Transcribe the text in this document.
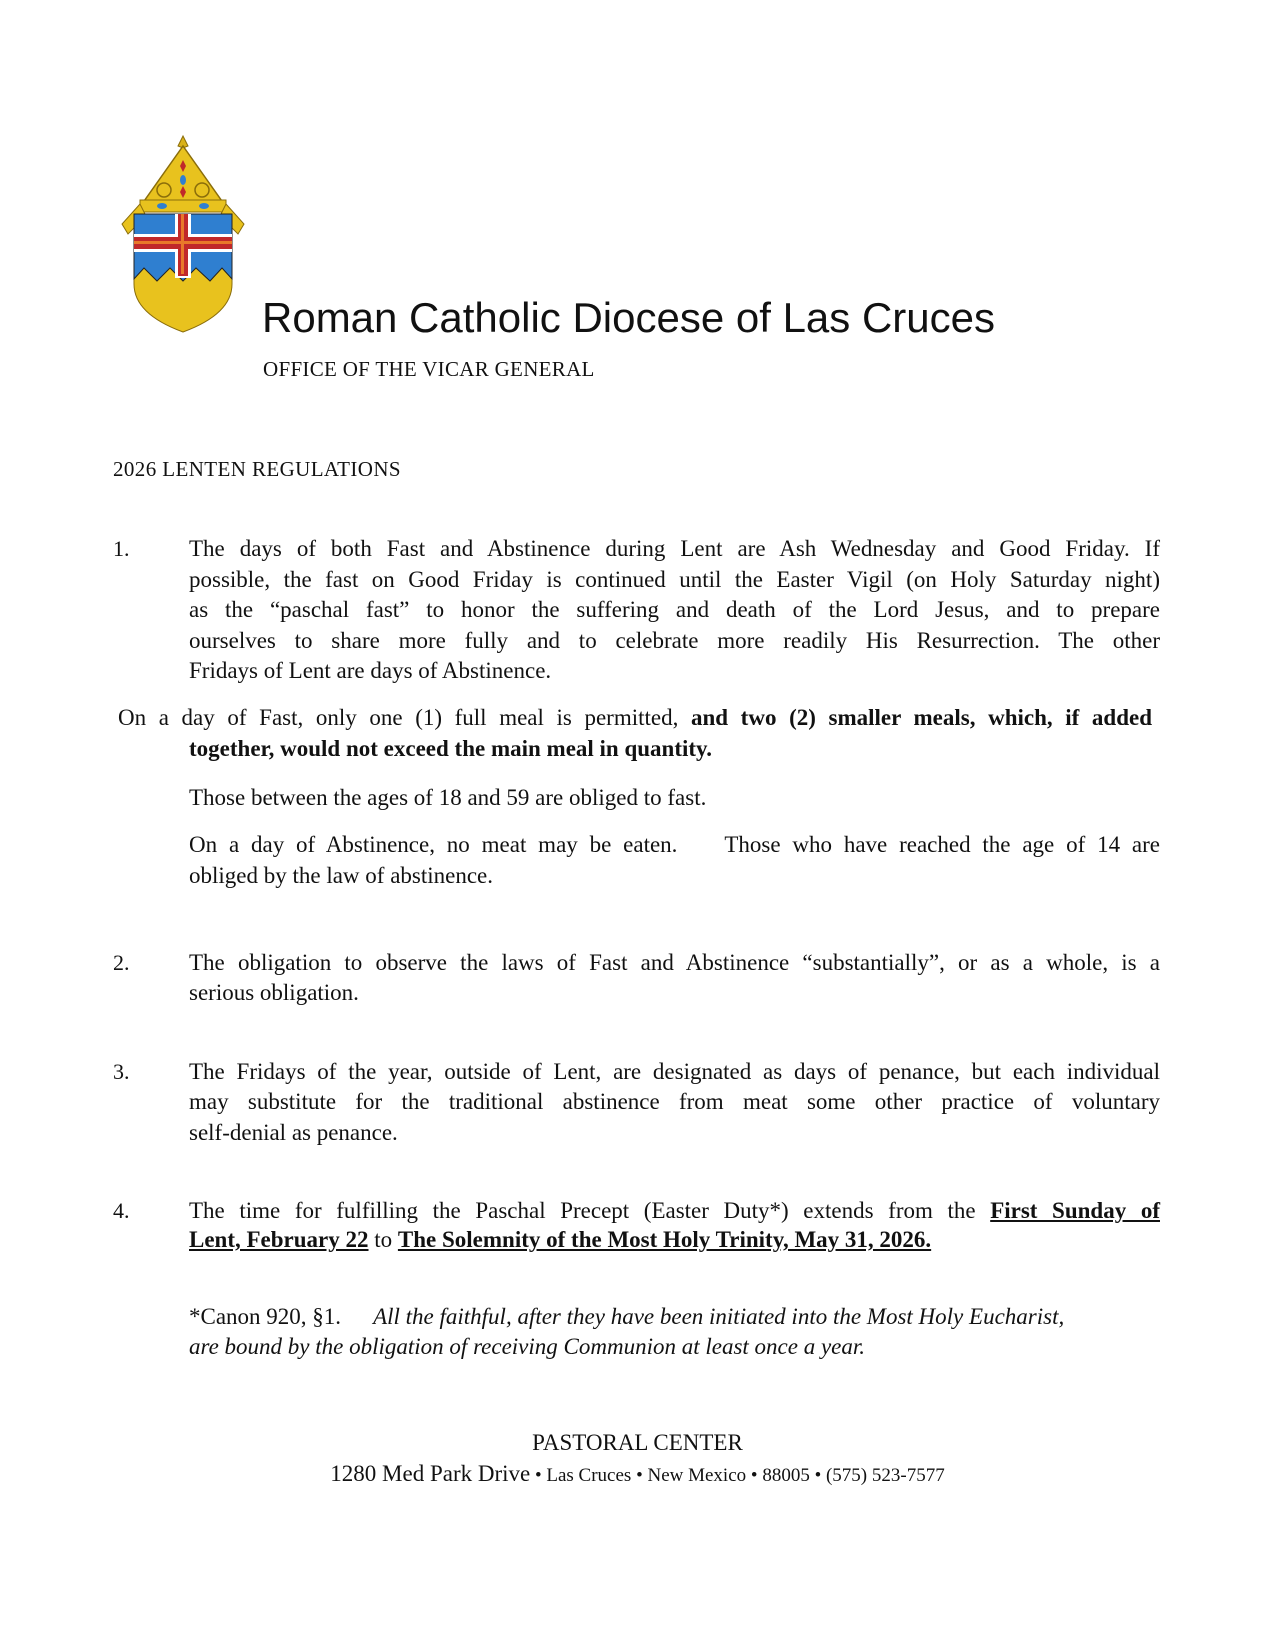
Roman Catholic Diocese of Las Cruces
OFFICE OF THE VICAR GENERAL
2026 LENTEN REGULATIONS
1.	The days of both Fast and Abstinence during Lent are Ash Wednesday and Good Friday. If
possible, the fast on Good Friday is continued until the Easter Vigil (on Holy Saturday night)
as the “paschal fast” to honor the suffering and death of the Lord Jesus, and to prepare
ourselves to share more fully and to celebrate more readily His Resurrection. The other
Fridays of Lent are days of Abstinence.
On a day of Fast, only one (1) full meal is permitted, and two (2) smaller meals, which, if added
together, would not exceed the main meal in quantity.
Those between the ages of 18 and 59 are obliged to fast.
On a day of Abstinence, no meat may be eaten.    Those who have reached the age of 14 are
obliged by the law of abstinence.
2.	The obligation to observe the laws of Fast and Abstinence “substantially”, or as a whole, is a
serious obligation.
3.	The Fridays of the year, outside of Lent, are designated as days of penance, but each individual
may substitute for the traditional abstinence from meat some other practice of voluntary
self-denial as penance.
4.	The time for fulfilling the Paschal Precept (Easter Duty*) extends from the First Sunday of
Lent, February 22 to The Solemnity of the Most Holy Trinity, May 31, 2026.
*Canon 920, §1. All the faithful, after they have been initiated into the Most Holy Eucharist,
are bound by the obligation of receiving Communion at least once a year.
PASTORAL CENTER
1280 Med Park Drive • Las Cruces • New Mexico • 88005 • (575) 523-7577
